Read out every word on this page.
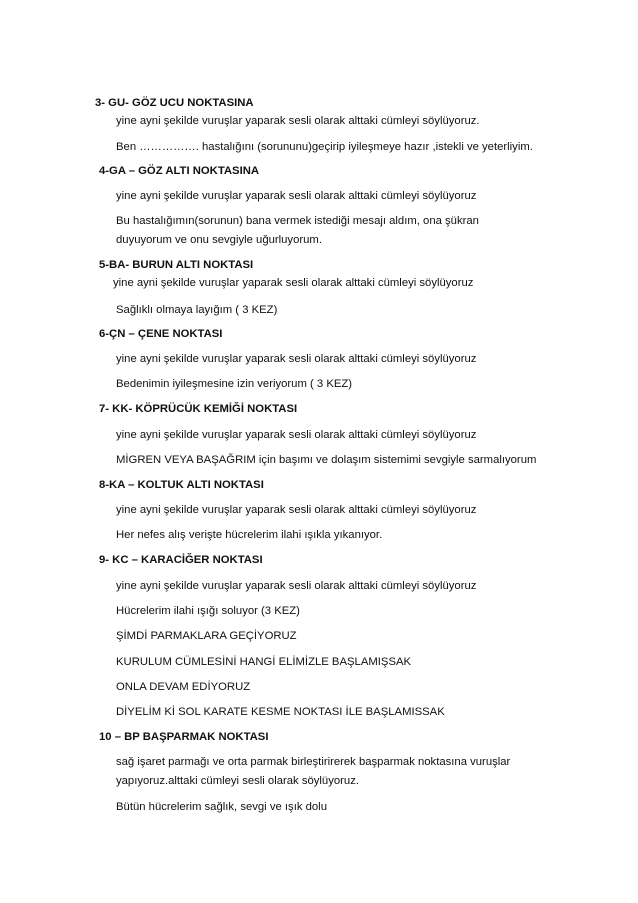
3- GU- GÖZ UCU NOKTASINA
yine ayni şekilde vuruşlar yaparak sesli olarak alttaki cümleyi söylüyoruz.
Ben ……………. hastalığını (sorununu)geçirip iyileşmeye hazır ,istekli ve yeterliyim.
4-GA – GÖZ ALTI NOKTASINA
yine ayni şekilde vuruşlar yaparak sesli olarak alttaki cümleyi söylüyoruz
Bu hastalığımın(sorunun) bana vermek istediği mesajı aldım, ona şükran
duyuyorum ve onu sevgiyle uğurluyorum.
5-BA- BURUN ALTI NOKTASI
yine ayni şekilde vuruşlar yaparak sesli olarak alttaki cümleyi söylüyoruz
Sağlıklı olmaya layığım ( 3 KEZ)
6-ÇN – ÇENE NOKTASI
yine ayni şekilde vuruşlar yaparak sesli olarak alttaki cümleyi söylüyoruz
Bedenimin iyileşmesine izin veriyorum ( 3 KEZ)
7- KK- KÖPRÜCÜK KEMİĞİ NOKTASI
yine ayni şekilde vuruşlar yaparak sesli olarak alttaki cümleyi söylüyoruz
MİGREN VEYA BAŞAĞRIM için başımı ve dolaşım sistemimi sevgiyle sarmalıyorum
8-KA – KOLTUK ALTI NOKTASI
yine ayni şekilde vuruşlar yaparak sesli olarak alttaki cümleyi söylüyoruz
Her nefes alış verişte hücrelerim ilahi ışıkla yıkanıyor.
9- KC – KARACİĞER NOKTASI
yine ayni şekilde vuruşlar yaparak sesli olarak alttaki cümleyi söylüyoruz
Hücrelerim ilahi ışığı soluyor (3 KEZ)
ŞİMDİ PARMAKLARA GEÇİYORUZ
KURULUM CÜMLESİNİ HANGİ ELİMİZLE BAŞLAMIŞSAK
ONLA DEVAM EDİYORUZ
DİYELİM Kİ SOL KARATE KESME NOKTASI İLE BAŞLAMISSAK
10 – BP BAŞPARMAK NOKTASI
sağ işaret parmağı ve orta parmak birleştirirerek başparmak noktasına vuruşlar
yapıyoruz.alttaki cümleyi sesli olarak söylüyoruz.
Bütün hücrelerim sağlık, sevgi ve ışık dolu
